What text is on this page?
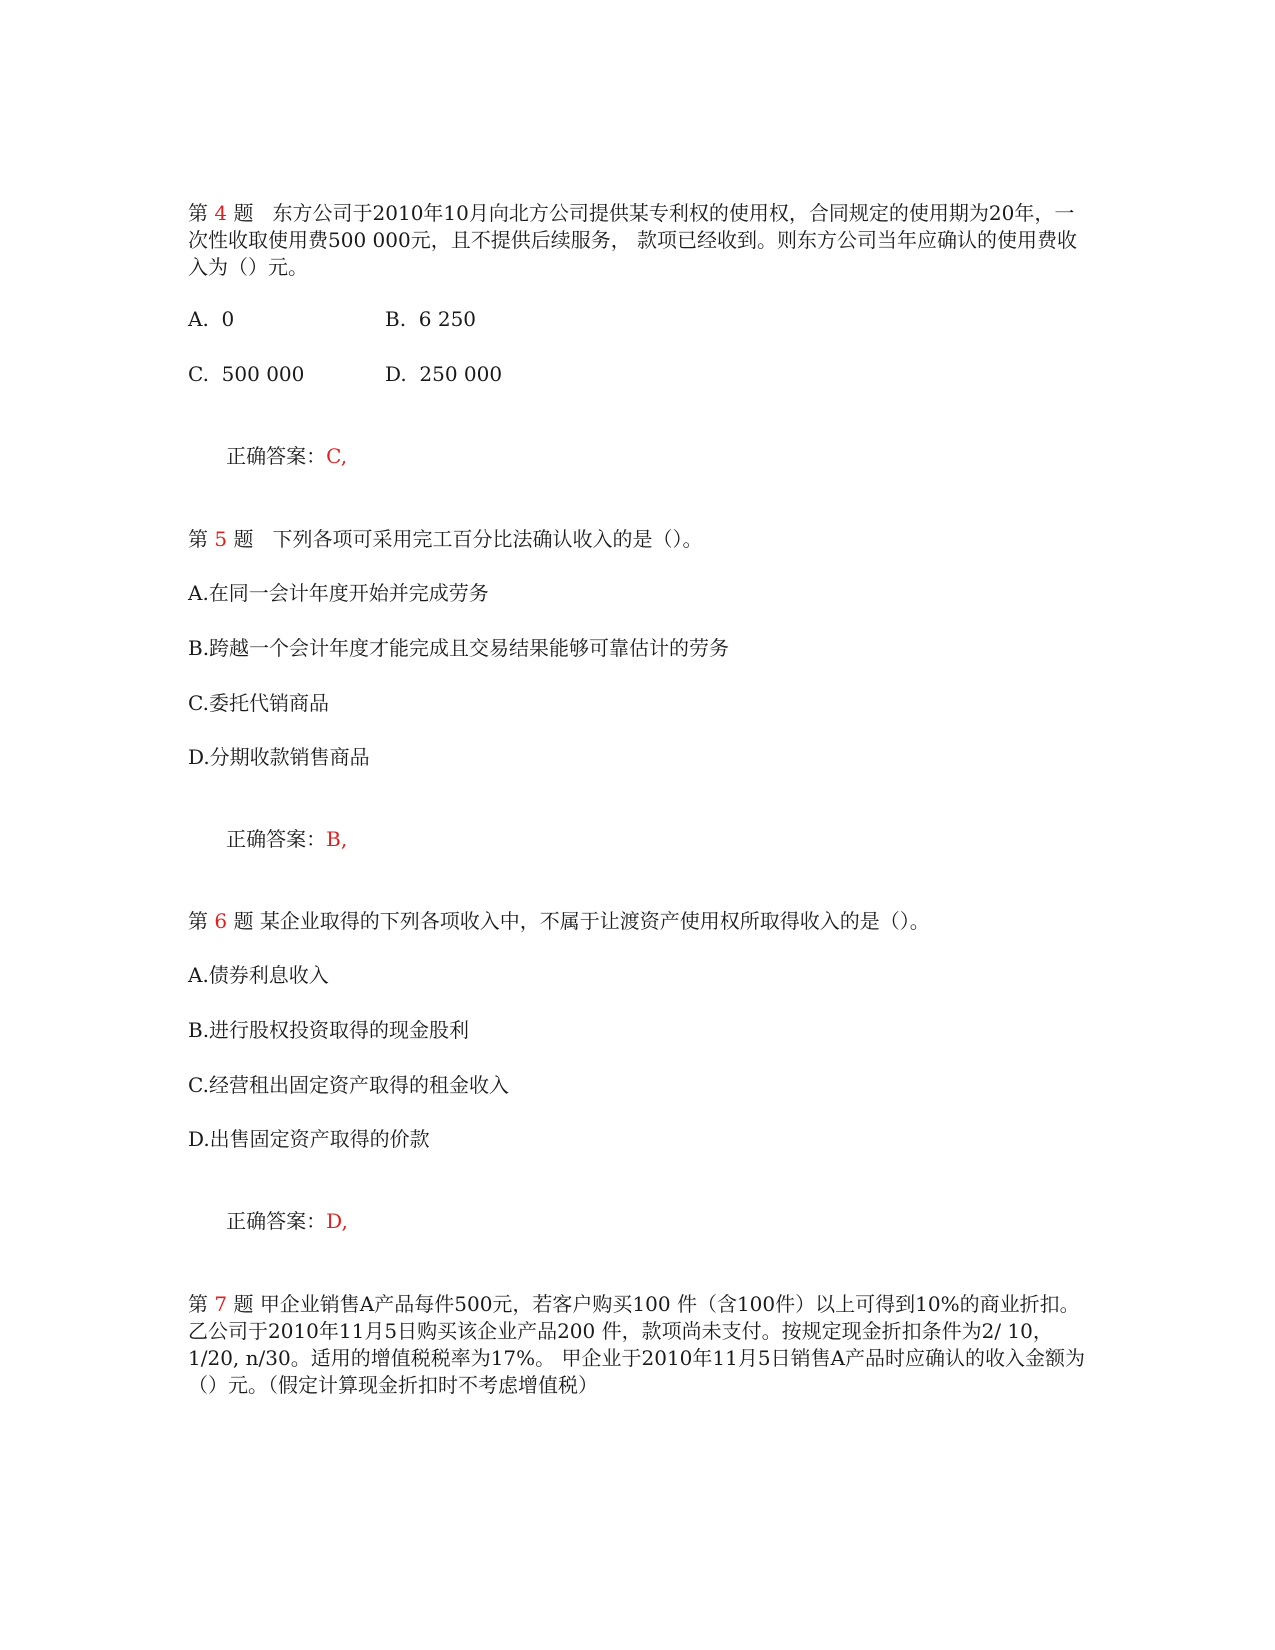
第 4 题 东方公司于2010年10月向北方公司提供某专利权的使用权，合同规定的使用期为20年，一次性收取使用费500 000元，且不提供后续服务， 款项已经收到。则东方公司当年应确认的使用费收入为（）元。

A.  0	B.  6 250
C.  500 000	D.  250 000

正确答案：C,

第 5 题 下列各项可采用完工百分比法确认收入的是（）。

A.在同一会计年度开始并完成劳务
B.跨越一个会计年度才能完成且交易结果能够可靠估计的劳务
C.委托代销商品
D.分期收款销售商品

正确答案：B,

第 6 题 某企业取得的下列各项收入中，不属于让渡资产使用权所取得收入的是（）。

A.债券利息收入
B.进行股权投资取得的现金股利
C.经营租出固定资产取得的租金收入
D.出售固定资产取得的价款

正确答案：D,

第 7 题 甲企业销售A产品每件500元，若客户购买100 件（含100件）以上可得到10%的商业折扣。 乙公司于2010年11月5日购买该企业产品200 件，款项尚未支付。按规定现金折扣条件为2/ 10，1/20, n/30。适用的增值税税率为17%。 甲企业于2010年11月5日销售A产品时应确认的收入金额为（）元。（假定计算现金折扣时不考虑增值税）
